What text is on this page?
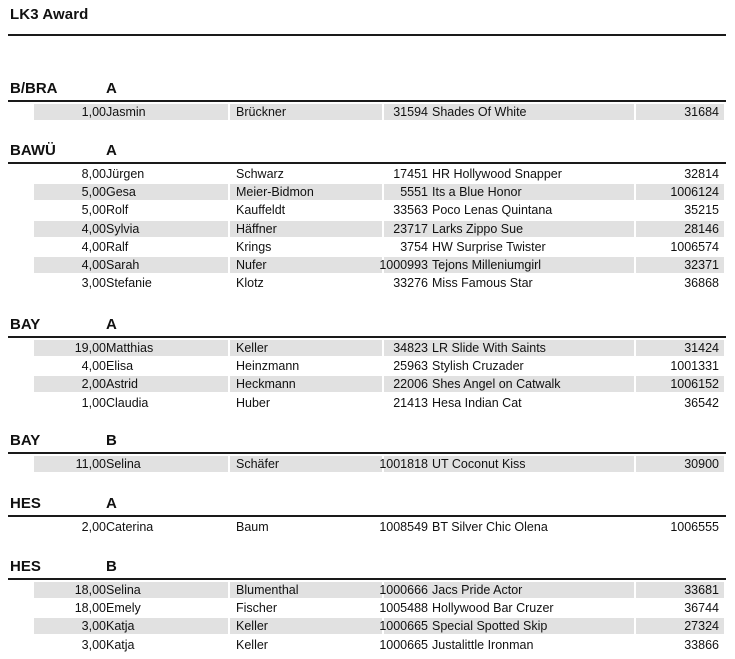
LK3 Award
B/BRA	A
1,00 Jasmin	Brückner	31594 Shades Of White	31684
BAWÜ	A
8,00 Jürgen	Schwarz	17451 HR Hollywood Snapper	32814
5,00 Gesa	Meier-Bidmon	5551 Its a Blue Honor	1006124
5,00 Rolf	Kauffeldt	33563 Poco Lenas Quintana	35215
4,00 Sylvia	Häffner	23717 Larks Zippo Sue	28146
4,00 Ralf	Krings	3754 HW Surprise Twister	1006574
4,00 Sarah	Nufer	1000993 Tejons Milleniumgirl	32371
3,00 Stefanie	Klotz	33276 Miss Famous Star	36868
BAY	A
19,00 Matthias	Keller	34823 LR Slide With Saints	31424
4,00 Elisa	Heinzmann	25963 Stylish Cruzader	1001331
2,00 Astrid	Heckmann	22006 Shes Angel on Catwalk	1006152
1,00 Claudia	Huber	21413 Hesa Indian Cat	36542
BAY	B
11,00 Selina	Schäfer	1001818 UT Coconut Kiss	30900
HES	A
2,00 Caterina	Baum	1008549 BT Silver Chic Olena	1006555
HES	B
18,00 Selina	Blumenthal	1000666 Jacs Pride Actor	33681
18,00 Emely	Fischer	1005488 Hollywood Bar Cruzer	36744
3,00 Katja	Keller	1000665 Special Spotted Skip	27324
3,00 Katja	Keller	1000665 Justalittle Ironman	33866
